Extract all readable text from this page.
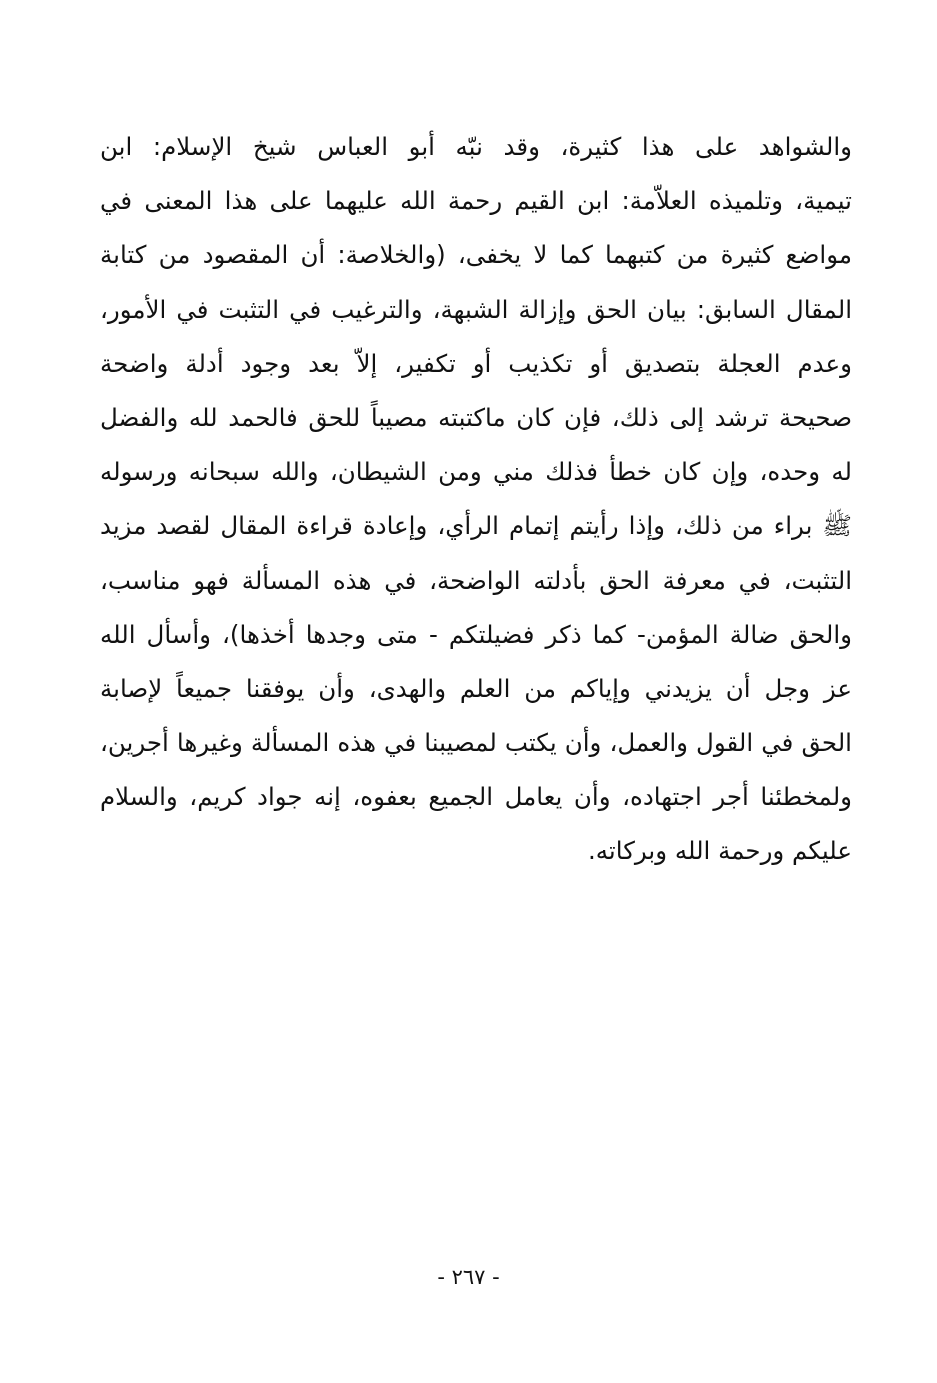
والشواهد على هذا كثيرة، وقد نبّه أبو العباس شيخ الإسلام: ابن
تيمية، وتلميذه العلاّمة: ابن القيم رحمة الله عليهما على هذا المعنى في
مواضع كثيرة من كتبهما كما لا يخفى، (والخلاصة: أن المقصود من كتابة
المقال السابق: بيان الحق وإزالة الشبهة، والترغيب في التثبت في الأمور،
وعدم العجلة بتصديق أو تكذيب أو تكفير، إلاّ بعد وجود أدلة واضحة
صحيحة ترشد إلى ذلك، فإن كان ماكتبته مصيباً للحق فالحمد لله والفضل
له وحده، وإن كان خطأ فذلك مني ومن الشيطان، والله سبحانه ورسوله
ﷺ براء من ذلك، وإذا رأيتم إتمام الرأي، وإعادة قراءة المقال لقصد مزيد
التثبت، في معرفة الحق بأدلته الواضحة، في هذه المسألة فهو مناسب،
والحق ضالة المؤمن- كما ذكر فضيلتكم - متى وجدها أخذها)، وأسأل الله
عز وجل أن يزيدني وإياكم من العلم والهدى، وأن يوفقنا جميعاً لإصابة
الحق في القول والعمل، وأن يكتب لمصيبنا في هذه المسألة وغيرها أجرين،
ولمخطئنا أجر اجتهاده، وأن يعامل الجميع بعفوه، إنه جواد كريم، والسلام
عليكم ورحمة الله وبركاته.
- ٢٦٧ -
